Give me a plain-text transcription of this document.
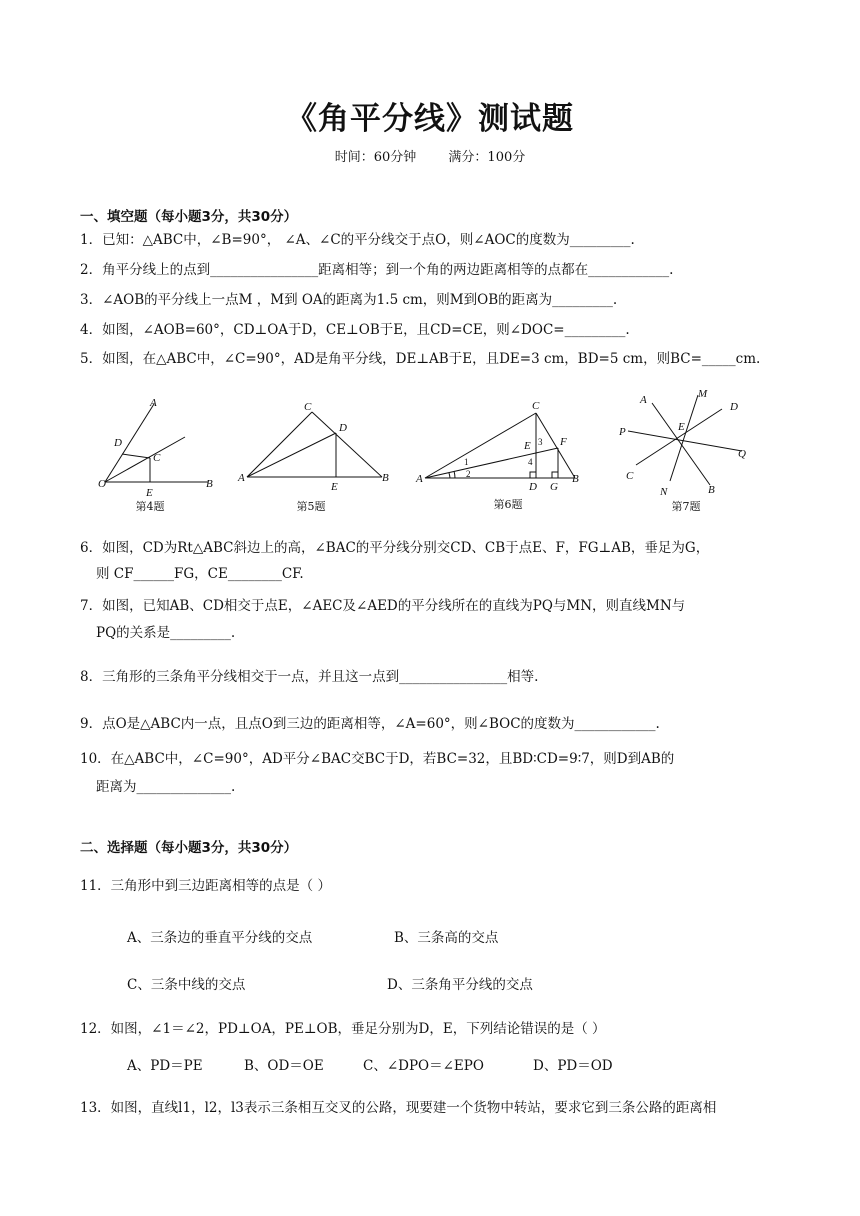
《角平分线》测试题
时间：60分钟 满分：100分
一、填空题（每小题3分，共30分）
1．已知：△ABC中，∠B=90°， ∠A、∠C的平分线交于点O，则∠AOC的度数为_________.
2．角平分线上的点到________________距离相等；到一个角的两边距离相等的点都在____________.
3．∠AOB的平分线上一点M ，M到 OA的距离为1.5 cm，则M到OB的距离为_________.
4．如图，∠AOB=60°，CD⊥OA于D，CE⊥OB于E，且CD=CE，则∠DOC=_________.
5．如图，在△ABC中，∠C=90°，AD是角平分线，DE⊥AB于E，且DE=3 cm，BD=5 cm，则BC=_____cm.
O
A
B
D
C
E
第4题
C
D
A	B
E
第5题
C
E	F
A	B
D G
1
2
3
4
第6题
A	M
D
P	E
Q
C
N	B
第7题
6．如图，CD为Rt△ABC斜边上的高，∠BAC的平分线分别交CD、CB于点E、F，FG⊥AB，垂足为G，
则 CF______FG，CE________CF.
7．如图，已知AB、CD相交于点E，∠AEC及∠AED的平分线所在的直线为PQ与MN，则直线MN与
PQ的关系是_________.
8．三角形的三条角平分线相交于一点，并且这一点到________________相等.
9．点O是△ABC内一点，且点O到三边的距离相等，∠A=60°，则∠BOC的度数为____________.
10．在△ABC中，∠C=90°，AD平分∠BAC交BC于D，若BC=32，且BD∶CD=9∶7，则D到AB的
距离为______________.
二、选择题（每小题3分，共30分）
11．三角形中到三边距离相等的点是（ ）
A、三条边的垂直平分线的交点	B、三条高的交点
C、三条中线的交点	D、三条角平分线的交点
12．如图，∠1＝∠2，PD⊥OA，PE⊥OB，垂足分别为D，E，下列结论错误的是（ ）
A、PD＝PE	B、OD＝OE	C、∠DPO＝∠EPO	D、PD＝OD
13．如图，直线l1，l2，l3表示三条相互交叉的公路，现要建一个货物中转站，要求它到三条公路的距离相
